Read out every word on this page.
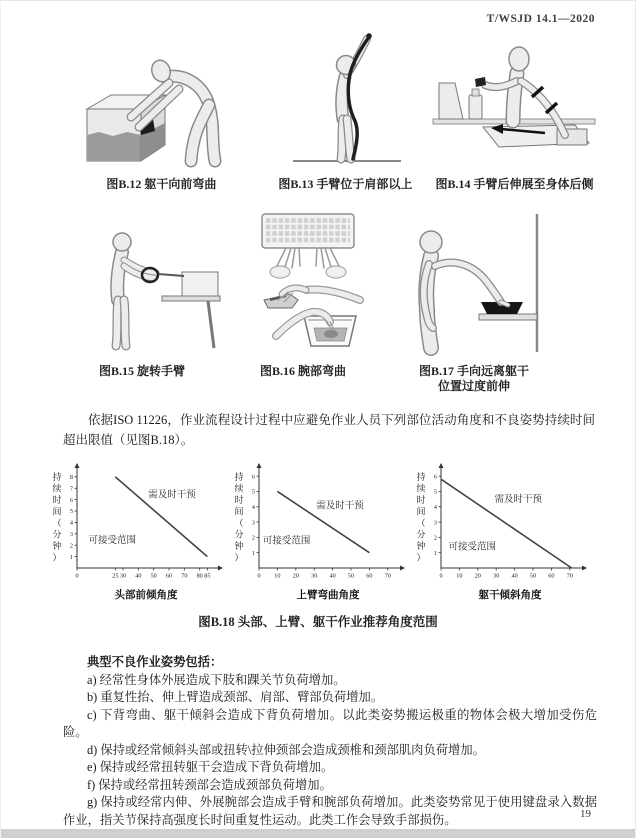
T/WSJD 14.1—2020
图B.12 躯干向前弯曲	图B.13 手臂位于肩部以上	图B.14 手臂后伸展至身体后侧
图B.15 旋转手臂	图B.16 腕部弯曲	图B.17 手向远离躯干
位置过度前伸
依据ISO 11226，作业流程设计过程中应避免作业人员下列部位活动角度和不良姿势持续时间超出限值（见图B.18）。
0	25 30 40 50 60 70 80 85
1
2
3
4
5
6
7
8
需及时干预
可接受范围
持
续
时
间
（
分
钟
）
头部前倾角度
0 10 20 30 40 50 60 70
1
2
3
4
5
6
需及时干预
可接受范围
持
续
时
间
（
分
钟
）
上臂弯曲角度
0 10 20 30 40 50 60 70
1
2
3
4
5
6
需及时干预
可接受范围
持
续
时
间
（
分
钟
）
躯干倾斜角度
图B.18 头部、上臂、躯干作业推荐角度范围
典型不良作业姿势包括：
a) 经常性身体外展造成下肢和踝关节负荷增加。
b) 重复性抬、伸上臂造成颈部、肩部、臂部负荷增加。
c) 下背弯曲、躯干倾斜会造成下背负荷增加。以此类姿势搬运极重的物体会极大增加受伤危险。
d) 保持或经常倾斜头部或扭转\拉伸颈部会造成颈椎和颈部肌肉负荷增加。
e) 保持或经常扭转躯干会造成下背负荷增加。
f) 保持或经常扭转颈部会造成颈部负荷增加。
g) 保持或经常内伸、外展腕部会造成手臂和腕部负荷增加。此类姿势常见于使用键盘录入数据作业，指关节保持高强度长时间重复性运动。此类工作会导致手部损伤。	19
